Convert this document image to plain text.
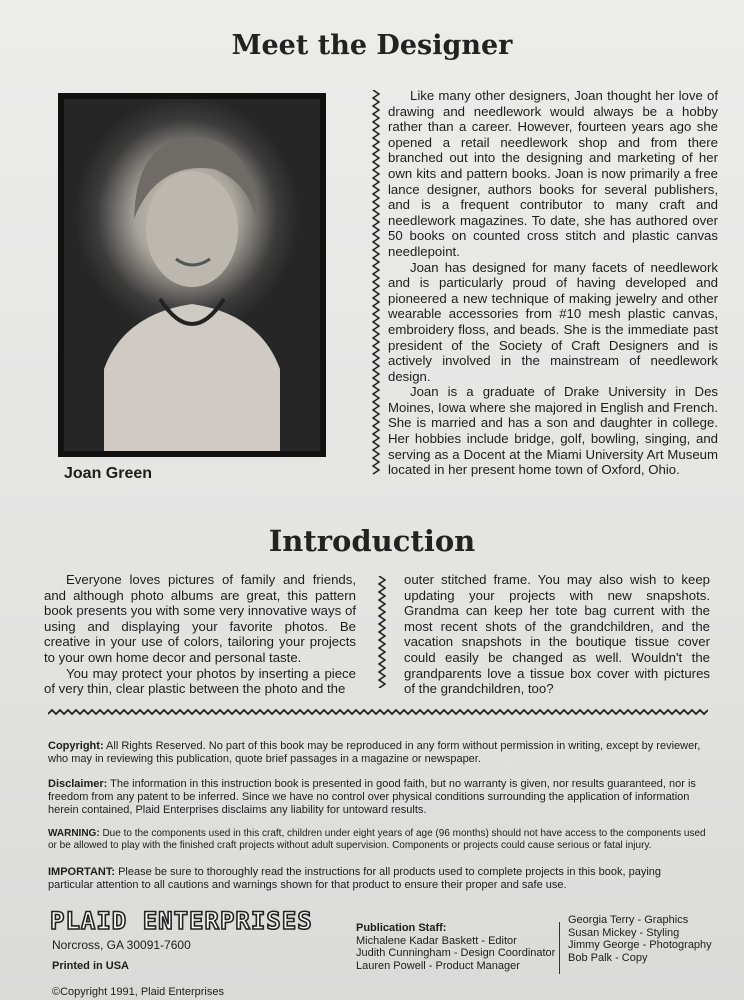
Meet the Designer
Joan Green

Like many other designers, Joan thought her love of drawing and needlework would always be a hobby rather than a career. However, fourteen years ago she opened a retail needlework shop and from there branched out into the designing and marketing of her own kits and pattern books. Joan is now primarily a free lance designer, authors books for several publishers, and is a frequent contributor to many craft and needlework magazines. To date, she has authored over 50 books on counted cross stitch and plastic canvas needlepoint.

Joan has designed for many facets of needlework and is particularly proud of having developed and pioneered a new technique of making jewelry and other wearable accessories from #10 mesh plastic canvas, embroidery floss, and beads. She is the immediate past president of the Society of Craft Designers and is actively involved in the mainstream of needlework design.

Joan is a graduate of Drake University in Des Moines, Iowa where she majored in English and French. She is married and has a son and daughter in college. Her hobbies include bridge, golf, bowling, singing, and serving as a Docent at the Miami University Art Museum located in her present home town of Oxford, Ohio.

Introduction

Everyone loves pictures of family and friends, and although photo albums are great, this pattern book presents you with some very innovative ways of using and displaying your favorite photos. Be creative in your use of colors, tailoring your projects to your own home decor and personal taste.

You may protect your photos by inserting a piece of very thin, clear plastic between the photo and the

outer stitched frame. You may also wish to keep updating your projects with new snapshots. Grandma can keep her tote bag current with the most recent shots of the grandchildren, and the vacation snapshots in the boutique tissue cover could easily be changed as well. Wouldn't the grandparents love a tissue box cover with pictures of the grandchildren, too?

Copyright: All Rights Reserved. No part of this book may be reproduced in any form without permission in writing, except by reviewer, who may in reviewing this publication, quote brief passages in a magazine or newspaper.

Disclaimer: The information in this instruction book is presented in good faith, but no warranty is given, nor results guaranteed, nor is freedom from any patent to be inferred. Since we have no control over physical conditions surrounding the application of information herein contained, Plaid Enterprises disclaims any liability for untoward results.

WARNING: Due to the components used in this craft, children under eight years of age (96 months) should not have access to the components used or be allowed to play with the finished craft projects without adult supervision. Components or projects could cause serious or fatal injury.

IMPORTANT: Please be sure to thoroughly read the instructions for all products used to complete projects in this book, paying particular attention to all cautions and warnings shown for that product to ensure their proper and safe use.

PLAID ENTERPRISES
Norcross, GA 30091-7600
Printed in USA
©Copyright 1991, Plaid Enterprises
Publication Staff:
Michalene Kadar Baskett - Editor
Judith Cunningham - Design Coordinator
Lauren Powell - Product Manager
Georgia Terry - Graphics
Susan Mickey - Styling
Jimmy George - Photography
Bob Palk - Copy
